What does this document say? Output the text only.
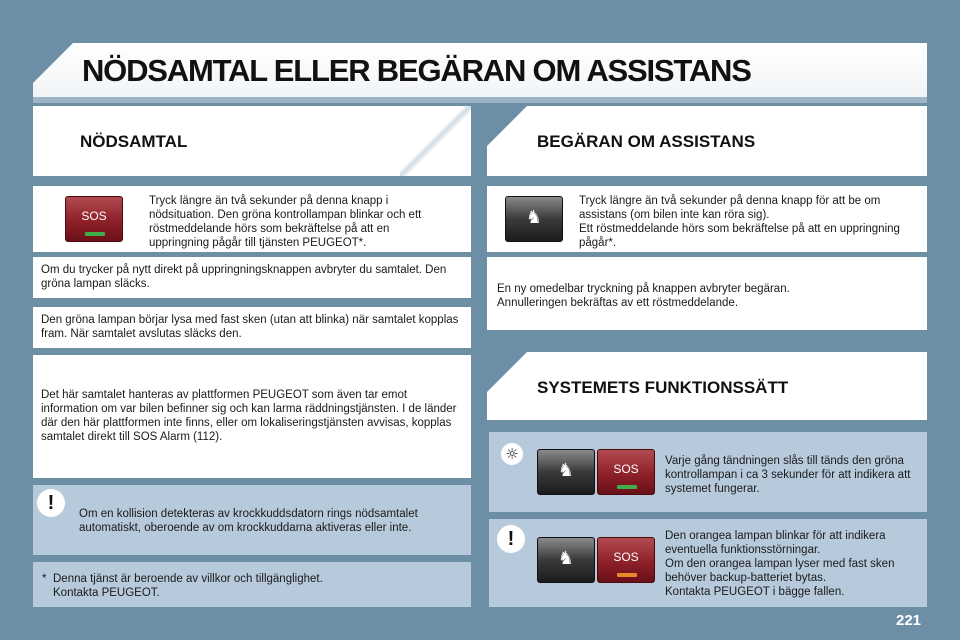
NÖDSAMTAL ELLER BEGÄRAN OM ASSISTANS
NÖDSAMTAL	BEGÄRAN OM ASSISTANS
SOS
Tryck längre än två sekunder på denna knapp i nödsituation. Den gröna kontrollampan blinkar och ett röstmeddelande hörs som bekräftelse på att en uppringning pågår till tjänsten PEUGEOT*.
Om du trycker på nytt direkt på uppringningsknappen avbryter du samtalet. Den gröna lampan släcks.
Den gröna lampan börjar lysa med fast sken (utan att blinka) när samtalet kopplas fram. När samtalet avslutas släcks den.
Det här samtalet hanteras av plattformen PEUGEOT som även tar emot information om var bilen befinner sig och kan larma räddningstjänsten. I de länder där den här plattformen inte finns, eller om lokaliseringstjänsten avvisas, kopplas samtalet direkt till SOS Alarm (112).
!	Om en kollision detekteras av krockkuddsdatorn rings nödsamtalet automatiskt, oberoende av om krockkuddarna aktiveras eller inte.
* Denna tjänst är beroende av villkor och tillgänglighet.
Kontakta PEUGEOT.
♞
Tryck längre än två sekunder på denna knapp för att be om assistans (om bilen inte kan röra sig).
Ett röstmeddelande hörs som bekräftelse på att en uppringning pågår*.
En ny omedelbar tryckning på knappen avbryter begäran.
Annulleringen bekräftas av ett röstmeddelande.
SYSTEMETS FUNKTIONSSÄTT
☼
♞	SOS
Varje gång tändningen slås till tänds den gröna kontrollampan i ca 3 sekunder för att indikera att systemet fungerar.
!
♞	SOS
Den orangea lampan blinkar för att indikera eventuella funktionsstörningar.
Om den orangea lampan lyser med fast sken behöver backup-batteriet bytas.
Kontakta PEUGEOT i bägge fallen.
221
